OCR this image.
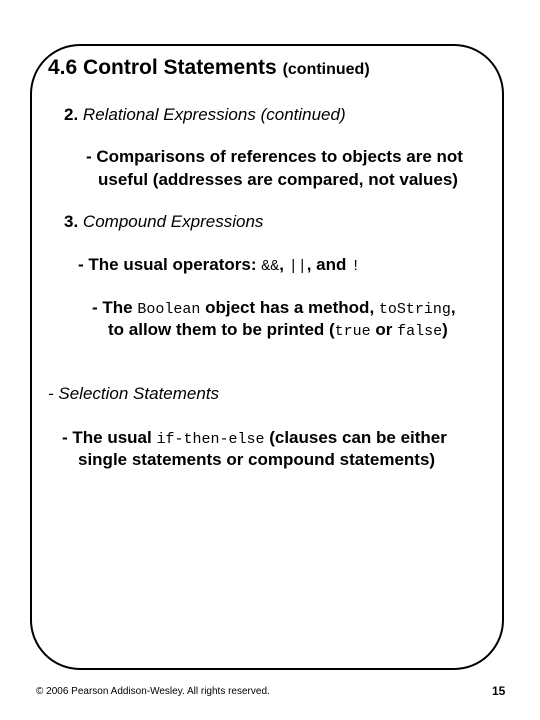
4.6 Control Statements (continued)
2. Relational Expressions (continued)
- Comparisons of references to objects are not
useful (addresses are compared, not values)
3. Compound Expressions
- The usual operators: &&, ||, and !
- The Boolean object has a method, toString,
to allow them to be printed (true or false)
- Selection Statements
- The usual if-then-else (clauses can be either
single statements or compound statements)
© 2006 Pearson Addison-Wesley. All rights reserved.	15
